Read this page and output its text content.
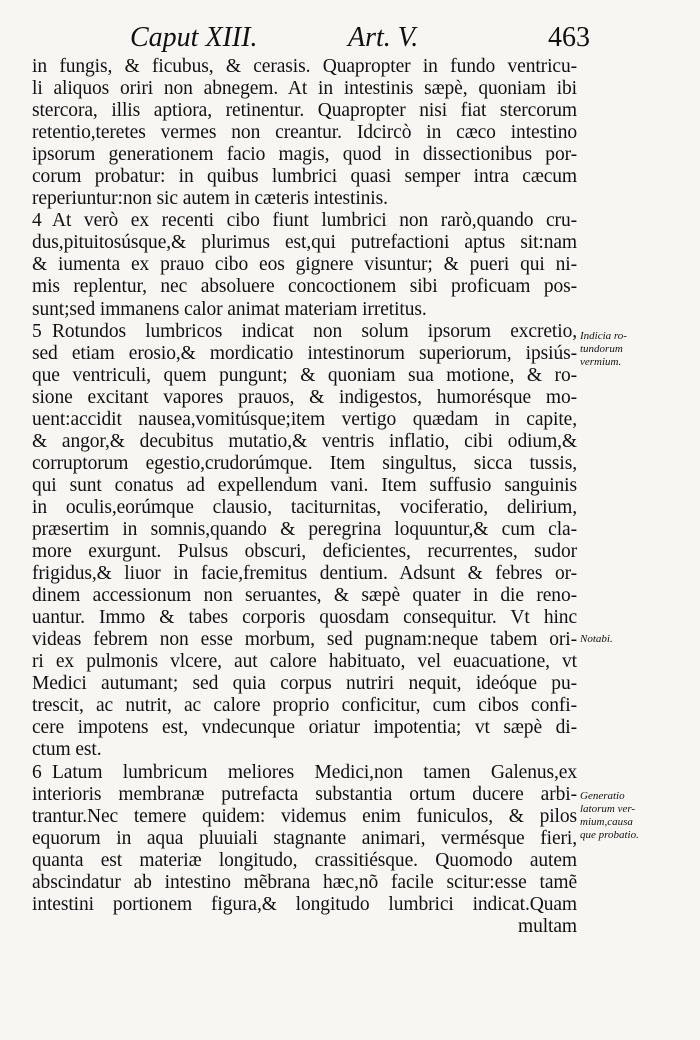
Caput XIII.	Art. V.	463
in fungis, & ficubus, & cerasis. Quapropter in fundo ventricu-
li aliquos oriri non abnegem. At in intestinis sæpè, quoniam ibi
stercora, illis aptiora, retinentur. Quapropter nisi fiat stercorum
retentio,teretes vermes non creantur. Idcircò in cæco intestino
ipsorum generationem facio magis, quod in dissectionibus por-
corum probatur: in quibus lumbrici quasi semper intra cæcum
reperiuntur:non sic autem in cæteris intestinis.
4 At verò ex recenti cibo fiunt lumbrici non rarò,quando cru-
dus,pituitosúsque,& plurimus est,qui putrefactioni aptus sit:nam
& iumenta ex prauo cibo eos gignere visuntur; & pueri qui ni-
mis replentur, nec absoluere concoctionem sibi proficuam pos-
sunt;sed immanens calor animat materiam irretitus.
5 Rotundos lumbricos indicat non solum ipsorum excretio,
sed etiam erosio,& mordicatio intestinorum superiorum, ipsiús-
que ventriculi, quem pungunt; & quoniam sua motione, & ro-
sione excitant vapores prauos, & indigestos, humorésque mo-
uent:accidit nausea,vomitúsque;item vertigo quædam in capite,
& angor,& decubitus mutatio,& ventris inflatio, cibi odium,&
corruptorum egestio,crudorúmque. Item singultus, sicca tussis,
qui sunt conatus ad expellendum vani. Item suffusio sanguinis
in oculis,eorúmque clausio, taciturnitas, vociferatio, delirium,
præsertim in somnis,quando & peregrina loquuntur,& cum cla-
more exurgunt. Pulsus obscuri, deficientes, recurrentes, sudor
frigidus,& liuor in facie,fremitus dentium. Adsunt & febres or-
dinem accessionum non seruantes, & sæpè quater in die reno-
uantur. Immo & tabes corporis quosdam consequitur. Vt hinc
videas febrem non esse morbum, sed pugnam:neque tabem ori-
ri ex pulmonis vlcere, aut calore habituato, vel euacuatione, vt
Medici autumant; sed quia corpus nutriri nequit, ideóque pu-
trescit, ac nutrit, ac calore proprio conficitur, cum cibos confi-
cere impotens est, vndecunque oriatur impotentia; vt sæpè di-
ctum est.
6 Latum lumbricum meliores Medici,non tamen Galenus,ex
interioris membranæ putrefacta substantia ortum ducere arbi-
trantur.Nec temere quidem: videmus enim funiculos, & pilos
equorum in aqua pluuiali stagnante animari, vermésque fieri,
quanta est materiæ longitudo, crassitiésque. Quomodo autem
abscindatur ab intestino mẽbrana hæc,nõ facile scitur:esse tamẽ
intestini portionem figura,& longitudo lumbrici indicat.Quam
multam
Indicia ro-
tundorum
vermium.
Notabi.
Generatio
latorum ver-
mium,causa
que probatio.
